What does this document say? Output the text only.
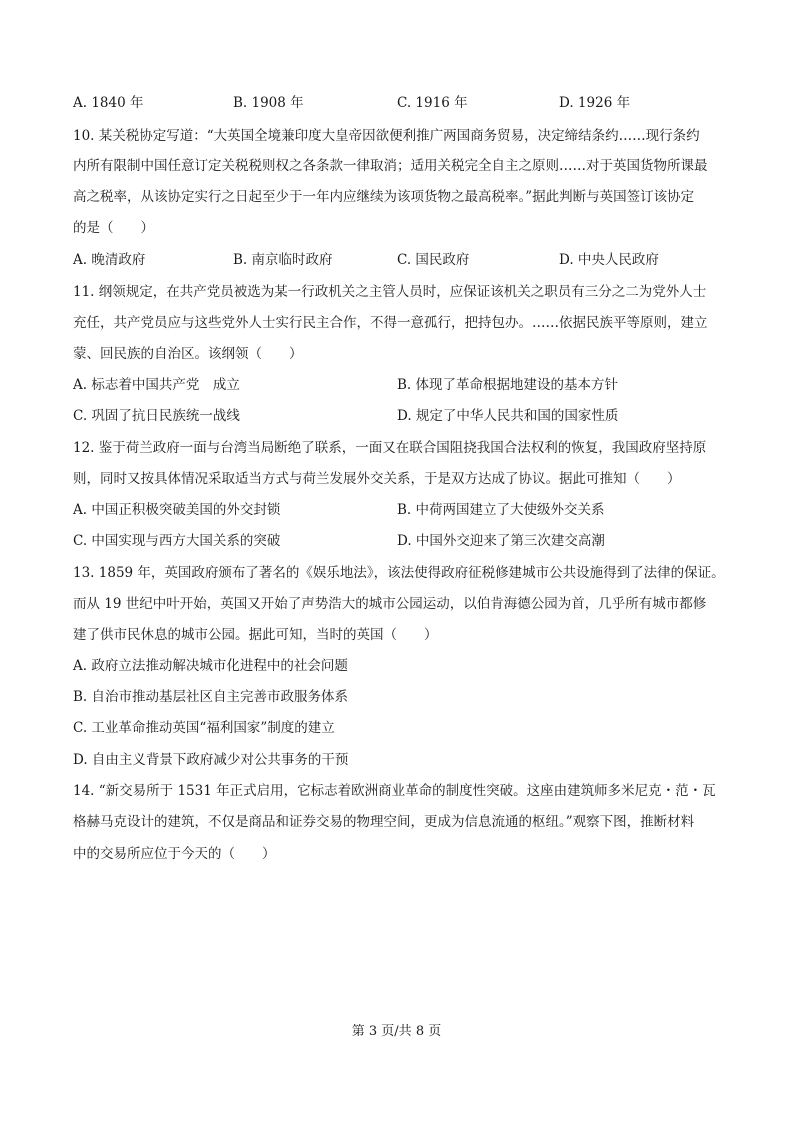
A. 1840 年	B. 1908 年	C. 1916 年	D. 1926 年
10. 某关税协定写道：“大英国全境兼印度大皇帝因欲便利推广两国商务贸易，决定缔结条约……现行条约
内所有限制中国任意订定关税税则权之各条款一律取消；适用关税完全自主之原则……对于英国货物所课最
高之税率，从该协定实行之日起至少于一年内应继续为该项货物之最高税率。”据此判断与英国签订该协定
的是（　　）
A. 晚清政府	B. 南京临时政府	C. 国民政府	D. 中央人民政府
11. 纲领规定，在共产党员被选为某一行政机关之主管人员时，应保证该机关之职员有三分之二为党外人士
充任，共产党员应与这些党外人士实行民主合作，不得一意孤行，把持包办。……依据民族平等原则，建立
蒙、回民族的自治区。该纲领（　　）
A. 标志着中国共产党　成立	B. 体现了革命根据地建设的基本方针
C. 巩固了抗日民族统一战线	D. 规定了中华人民共和国的国家性质
12. 鉴于荷兰政府一面与台湾当局断绝了联系，一面又在联合国阻挠我国合法权利的恢复，我国政府坚持原
则，同时又按具体情况采取适当方式与荷兰发展外交关系，于是双方达成了协议。据此可推知（　　）
A. 中国正积极突破美国的外交封锁	B. 中荷两国建立了大使级外交关系
C. 中国实现与西方大国关系的突破	D. 中国外交迎来了第三次建交高潮
13. 1859 年，英国政府颁布了著名的《娱乐地法》，该法使得政府征税修建城市公共设施得到了法律的保证。
而从 19 世纪中叶开始，英国又开始了声势浩大的城市公园运动，以伯肯海德公园为首，几乎所有城市都修
建了供市民休息的城市公园。据此可知，当时的英国（　　）
A. 政府立法推动解决城市化进程中的社会问题
B. 自治市推动基层社区自主完善市政服务体系
C. 工业革命推动英国“福利国家”制度的建立
D. 自由主义背景下政府减少对公共事务的干预
14. “新交易所于 1531 年正式启用，它标志着欧洲商业革命的制度性突破。这座由建筑师多米尼克・范・瓦
格赫马克设计的建筑，不仅是商品和证券交易的物理空间，更成为信息流通的枢纽。”观察下图，推断材料
中的交易所应位于今天的（　　）
第 3 页/共 8 页
